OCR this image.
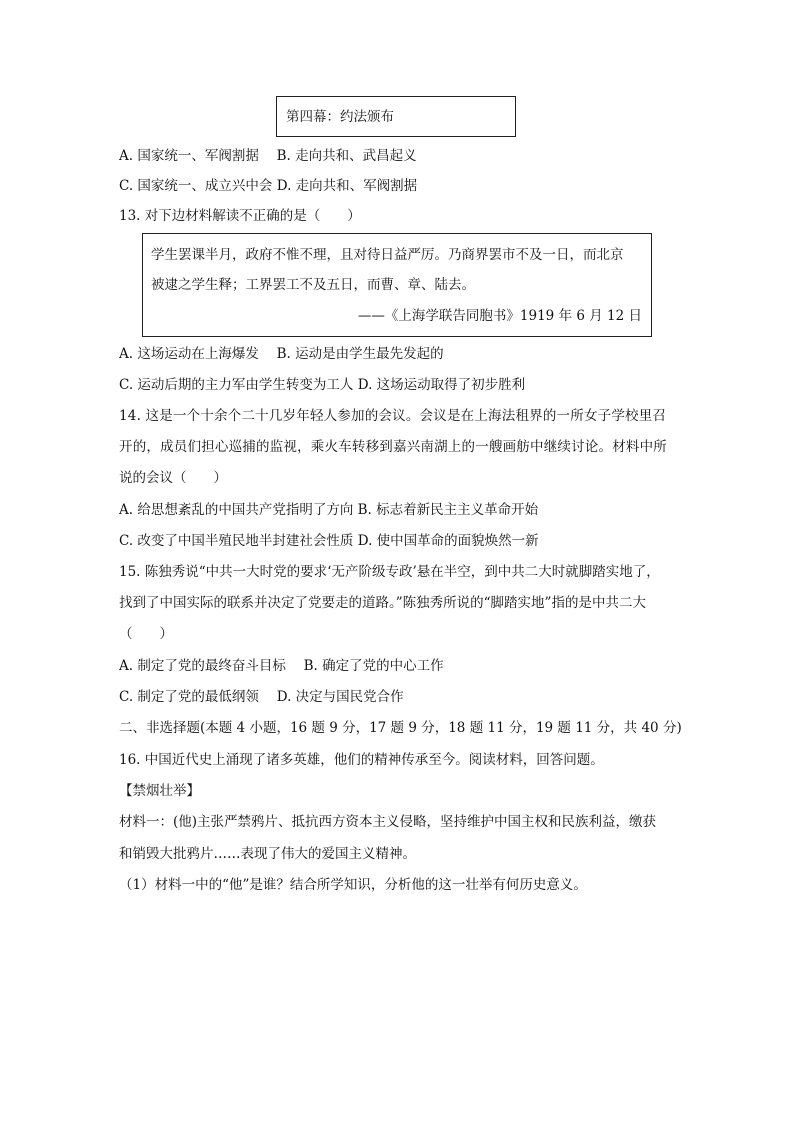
第四幕：约法颁布
A. 国家统一、军阀割据　 B. 走向共和、武昌起义
C. 国家统一、成立兴中会 D. 走向共和、军阀割据
13. 对下边材料解读不正确的是（　　）
学生罢课半月，政府不惟不理，且对待日益严厉。乃商界罢市不及一日，而北京
被逮之学生释；工界罢工不及五日，而曹、章、陆去。
——《上海学联告同胞书》1919 年 6 月 12 日
A. 这场运动在上海爆发　 B. 运动是由学生最先发起的
C. 运动后期的主力军由学生转变为工人 D. 这场运动取得了初步胜利
14. 这是一个十余个二十几岁年轻人参加的会议。会议是在上海法租界的一所女子学校里召
开的，成员们担心巡捕的监视，乘火车转移到嘉兴南湖上的一艘画舫中继续讨论。材料中所
说的会议（　　）
A. 给思想紊乱的中国共产党指明了方向 B. 标志着新民主主义革命开始
C. 改变了中国半殖民地半封建社会性质 D. 使中国革命的面貌焕然一新
15. 陈独秀说“中共一大时党的要求‘无产阶级专政’悬在半空，到中共二大时就脚踏实地了，
找到了中国实际的联系并决定了党要走的道路。”陈独秀所说的“脚踏实地”指的是中共二大
（　　）
A. 制定了党的最终奋斗目标　 B. 确定了党的中心工作
C. 制定了党的最低纲领　 D. 决定与国民党合作
二、非选择题(本题 4 小题，16 题 9 分，17 题 9 分，18 题 11 分，19 题 11 分，共 40 分)
16. 中国近代史上涌现了诸多英雄，他们的精神传承至今。阅读材料，回答问题。
【禁烟壮举】
材料一：(他)主张严禁鸦片、抵抗西方资本主义侵略，坚持维护中国主权和民族利益，缴获
和销毁大批鸦片……表现了伟大的爱国主义精神。
（1）材料一中的“他”是谁？结合所学知识，分析他的这一壮举有何历史意义。
